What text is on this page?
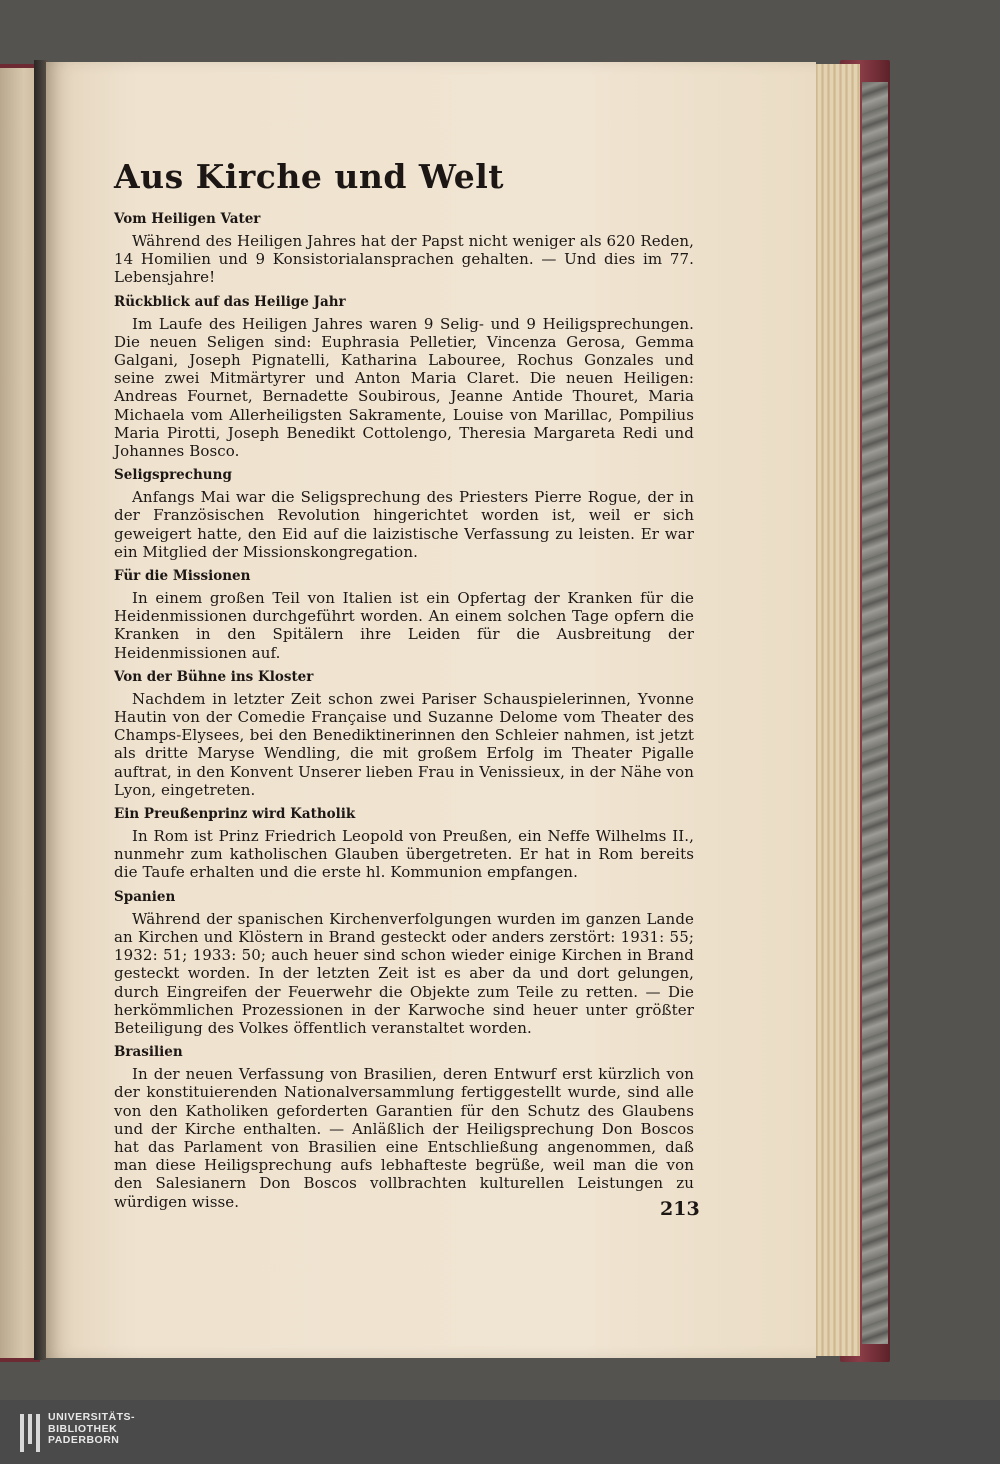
Aus Kirche und Welt
Vom Heiligen Vater

Während des Heiligen Jahres hat der Papst nicht weniger als 620 Reden, 14 Homilien und 9 Konsistorialansprachen gehalten. — Und dies im 77. Lebensjahre!

Rückblick auf das Heilige Jahr

Im Laufe des Heiligen Jahres waren 9 Selig- und 9 Heiligsprechungen. Die neuen Seligen sind: Euphrasia Pelletier, Vincenza Gerosa, Gemma Galgani, Joseph Pignatelli, Katharina Labouree, Rochus Gonzales und seine zwei Mitmärtyrer und Anton Maria Claret. Die neuen Heiligen: Andreas Fournet, Bernadette Soubirous, Jeanne Antide Thouret, Maria Michaela vom Allerheiligsten Sakramente, Louise von Marillac, Pompilius Maria Pirotti, Joseph Benedikt Cottolengo, Theresia Margareta Redi und Johannes Bosco.

Seligsprechung

Anfangs Mai war die Seligsprechung des Priesters Pierre Rogue, der in der Französischen Revolution hingerichtet worden ist, weil er sich geweigert hatte, den Eid auf die laizistische Verfassung zu leisten. Er war ein Mitglied der Missionskongregation.

Für die Missionen

In einem großen Teil von Italien ist ein Opfertag der Kranken für die Heidenmissionen durchgeführt worden. An einem solchen Tage opfern die Kranken in den Spitälern ihre Leiden für die Ausbreitung der Heidenmissionen auf.

Von der Bühne ins Kloster

Nachdem in letzter Zeit schon zwei Pariser Schauspielerinnen, Yvonne Hautin von der Comedie Française und Suzanne Delome vom Theater des Champs-Elysees, bei den Benediktinerinnen den Schleier nahmen, ist jetzt als dritte Maryse Wendling, die mit großem Erfolg im Theater Pigalle auftrat, in den Konvent Unserer lieben Frau in Venissieux, in der Nähe von Lyon, eingetreten.

Ein Preußenprinz wird Katholik

In Rom ist Prinz Friedrich Leopold von Preußen, ein Neffe Wilhelms II., nunmehr zum katholischen Glauben übergetreten. Er hat in Rom bereits die Taufe erhalten und die erste hl. Kommunion empfangen.

Spanien

Während der spanischen Kirchenverfolgungen wurden im ganzen Lande an Kirchen und Klöstern in Brand gesteckt oder anders zerstört: 1931: 55; 1932: 51; 1933: 50; auch heuer sind schon wieder einige Kirchen in Brand gesteckt worden. In der letzten Zeit ist es aber da und dort gelungen, durch Eingreifen der Feuerwehr die Objekte zum Teile zu retten. — Die herkömmlichen Prozessionen in der Karwoche sind heuer unter größter Beteiligung des Volkes öffentlich veranstaltet worden.

Brasilien

In der neuen Verfassung von Brasilien, deren Entwurf erst kürzlich von der konstituierenden Nationalversammlung fertiggestellt wurde, sind alle von den Katholiken geforderten Garantien für den Schutz des Glaubens und der Kirche enthalten. — Anläßlich der Heiligsprechung Don Boscos hat das Parlament von Brasilien eine Entschließung angenommen, daß man diese Heiligsprechung aufs lebhafteste begrüße, weil man die von den Salesianern Don Boscos vollbrachten kulturellen Leistungen zu würdigen wisse.	213
UNIVERSITÄTS-
BIBLIOTHEK
PADERBORN
